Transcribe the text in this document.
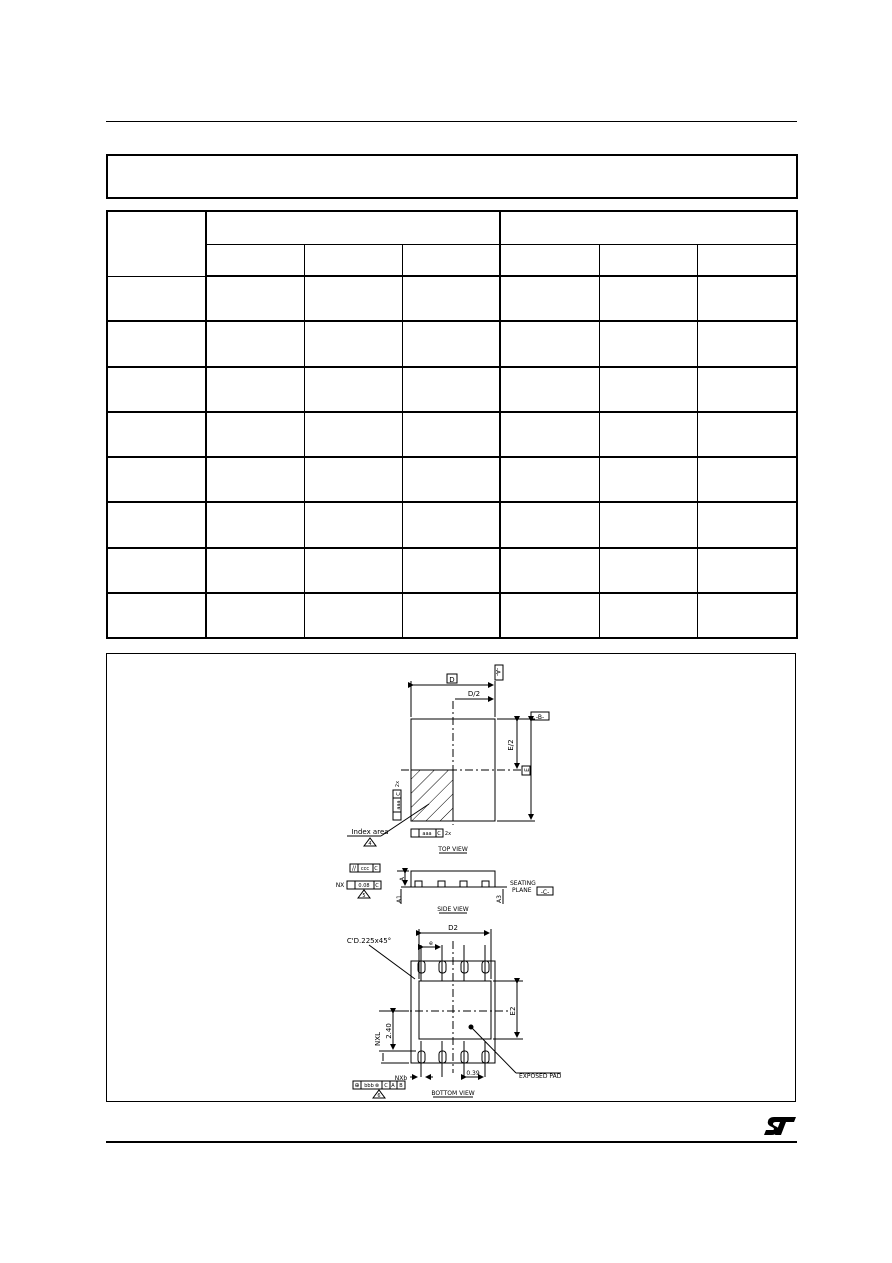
D
D/2
-A-
-B-
E/2
E
aaa
C
2x
aaa C 2x
Index area
4
TOP VIEW
A
A1	A3
// ccc C
NX	0.08 C
5
SEATING
PLANE -C-
SIDE VIEW
D2
e
E2
2.40
NXL
NXb
0.39	EXPOSED PAD
C'D.225x45°
⊕ bbb ⊗ C A B
6	BOTTOM VIEW
